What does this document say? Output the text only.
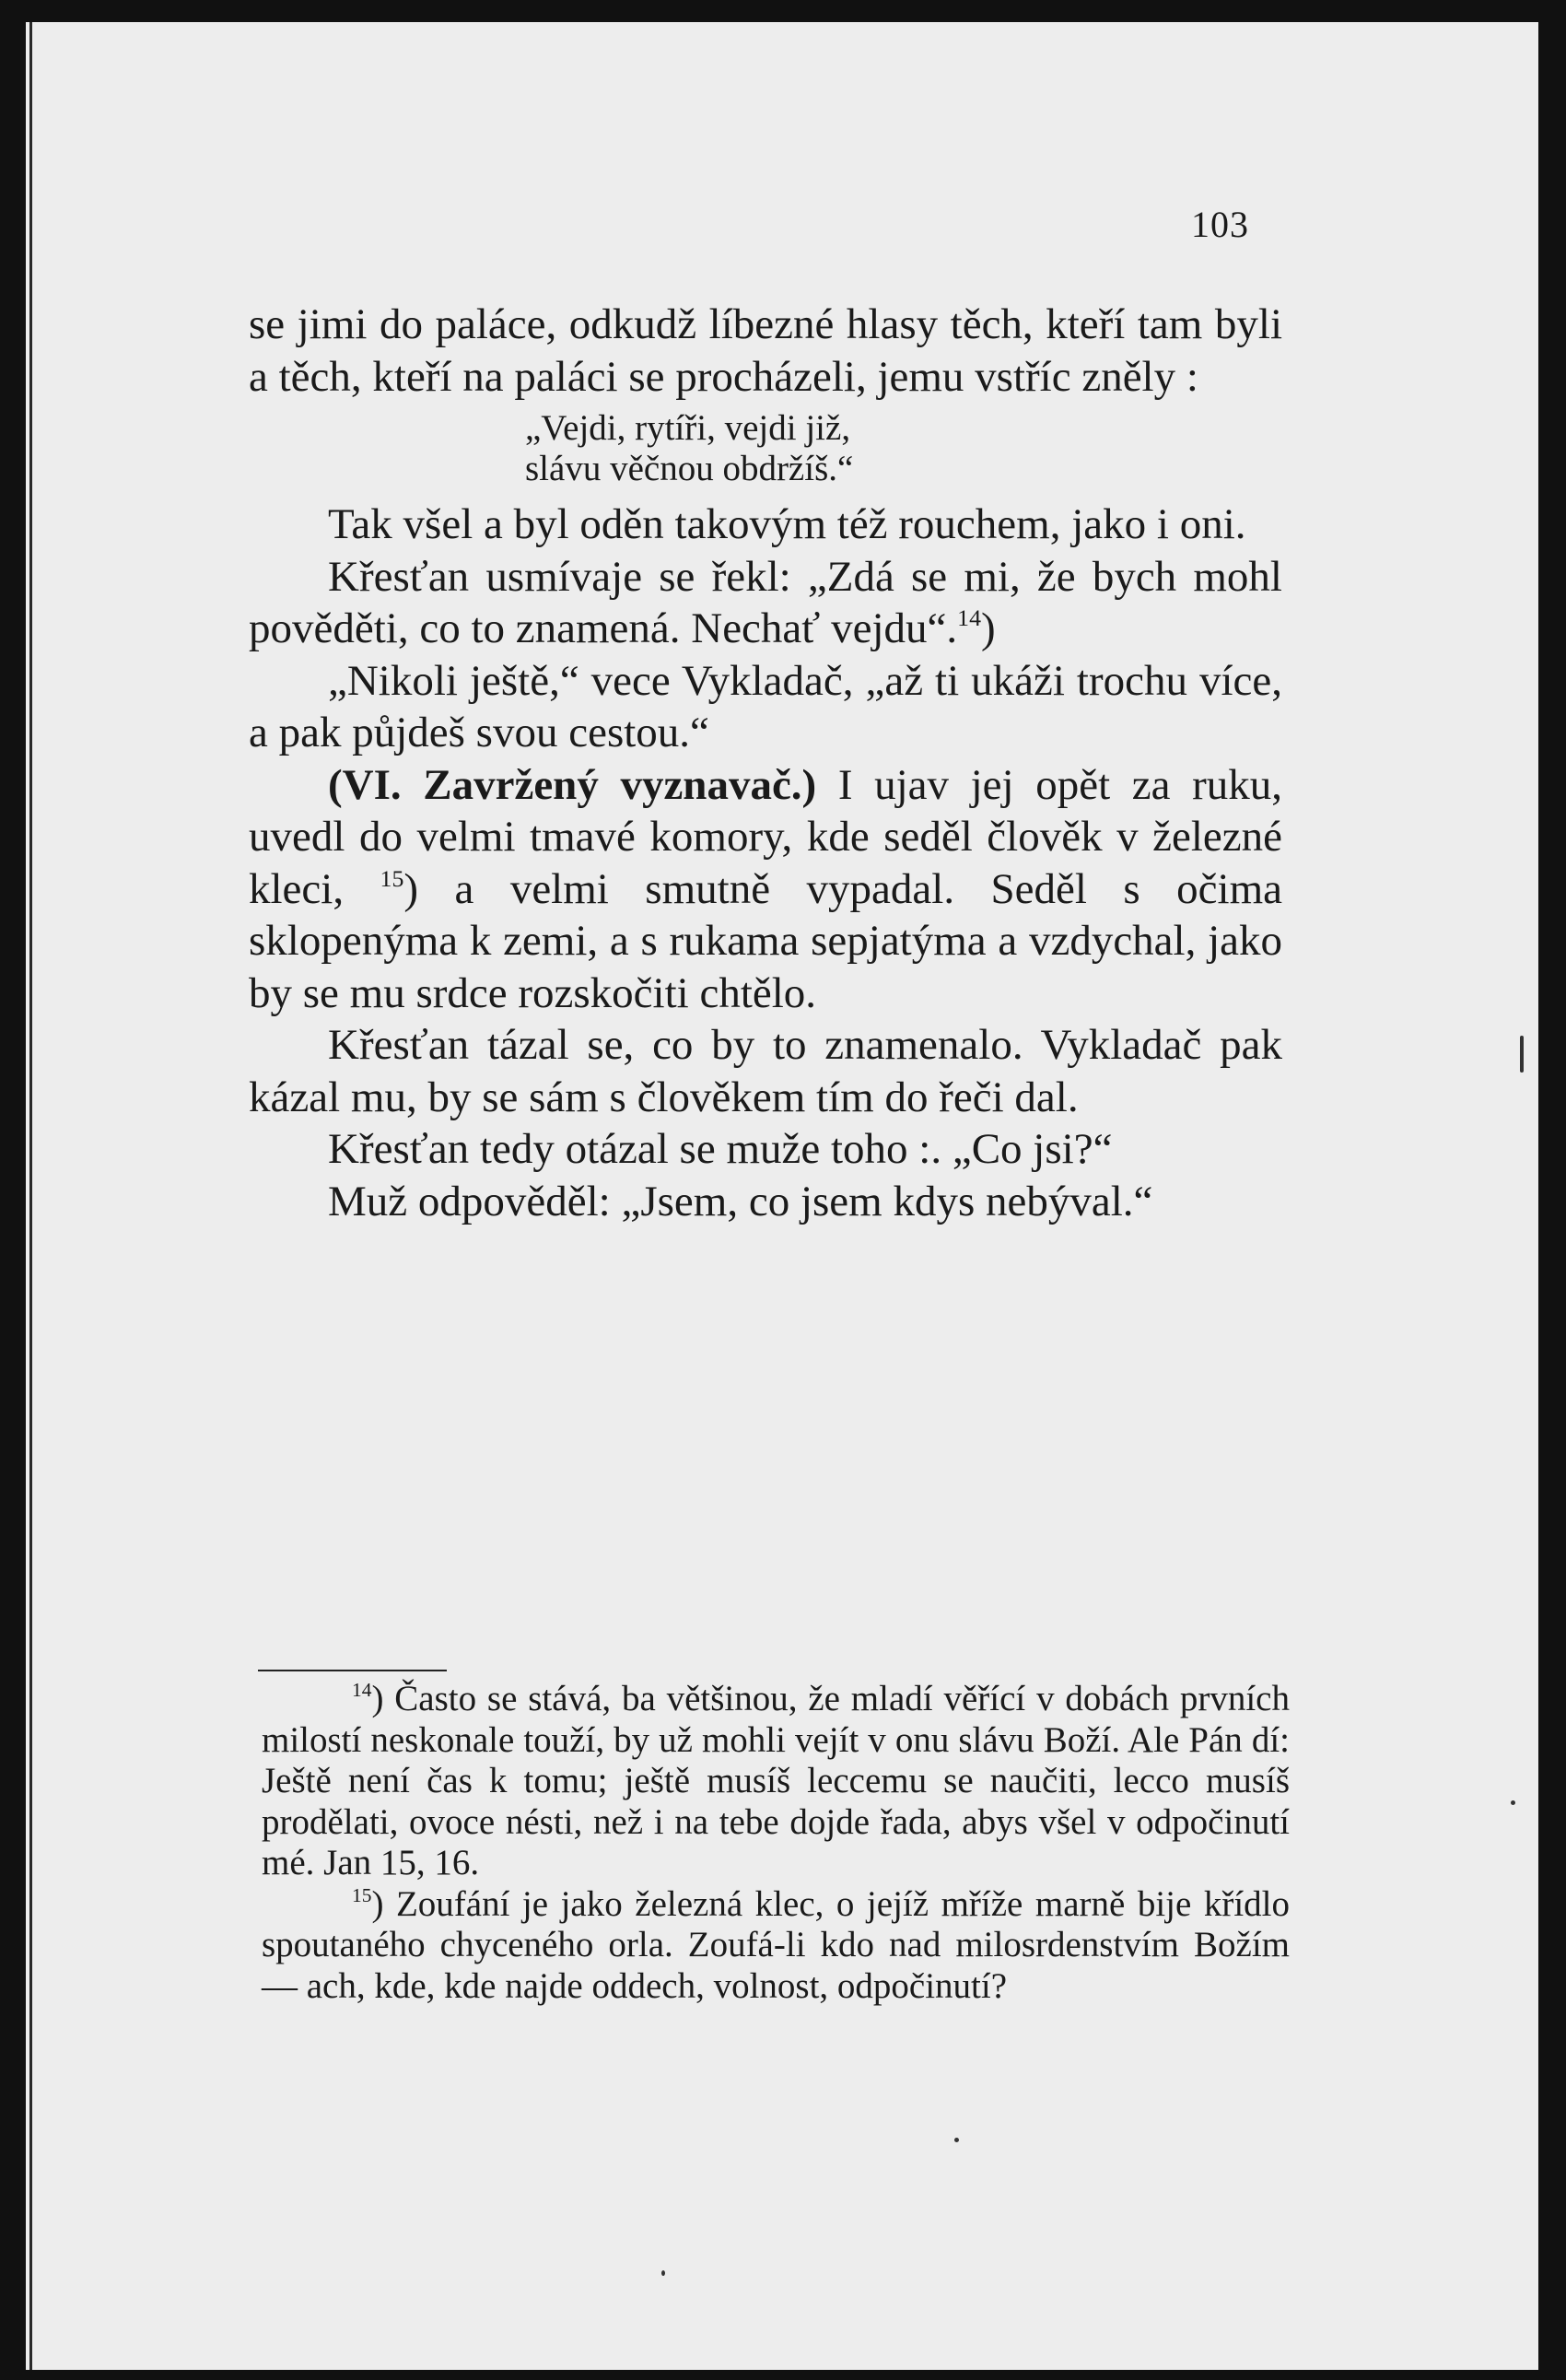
103

se jimi do paláce, odkudž líbezné hlasy těch, kteří tam byli a těch, kteří na paláci se procházeli, jemu vstříc zněly :

„Vejdi, rytíři, vejdi již,
slávu věčnou obdržíš.“

Tak všel a byl oděn takovým též rouchem, jako i oni.

Křesťan usmívaje se řekl: „Zdá se mi, že bych mohl pověděti, co to znamená. Nechať vejdu“.$^{14}$)

„Nikoli ještě,“ vece Vykladač, „až ti ukáži trochu více, a pak půjdeš svou cestou.“

(VI. Zavržený vyznavač.) I ujav jej opět za ruku, uvedl do velmi tmavé komory, kde seděl člověk v železné kleci, $^{15}$) a velmi smutně vypadal. Seděl s očima sklopenýma k zemi, a s rukama sepjatýma a vzdychal, jako by se mu srdce rozskočiti chtělo.

Křesťan tázal se, co by to znamenalo. Vykladač pak kázal mu, by se sám s člověkem tím do řeči dal.

Křesťan tedy otázal se muže toho :. „Co jsi?“

Muž odpověděl: „Jsem, co jsem kdys nebýval.“

$^{14}$) Často se stává, ba většinou, že mladí věřící v dobách prvních milostí neskonale touží, by už mohli vejít v onu slávu Boží. Ale Pán dí: Ještě není čas k tomu; ještě musíš leccemu se naučiti, lecco musíš prodělati, ovoce nésti, než i na tebe dojde řada, abys všel v odpočinutí mé. Jan 15, 16.

$^{15}$) Zoufání je jako železná klec, o jejíž mříže marně bije křídlo spoutaného chyceného orla. Zoufá-li kdo nad milosrdenstvím Božím — ach, kde, kde najde oddech, volnost, odpočinutí?
